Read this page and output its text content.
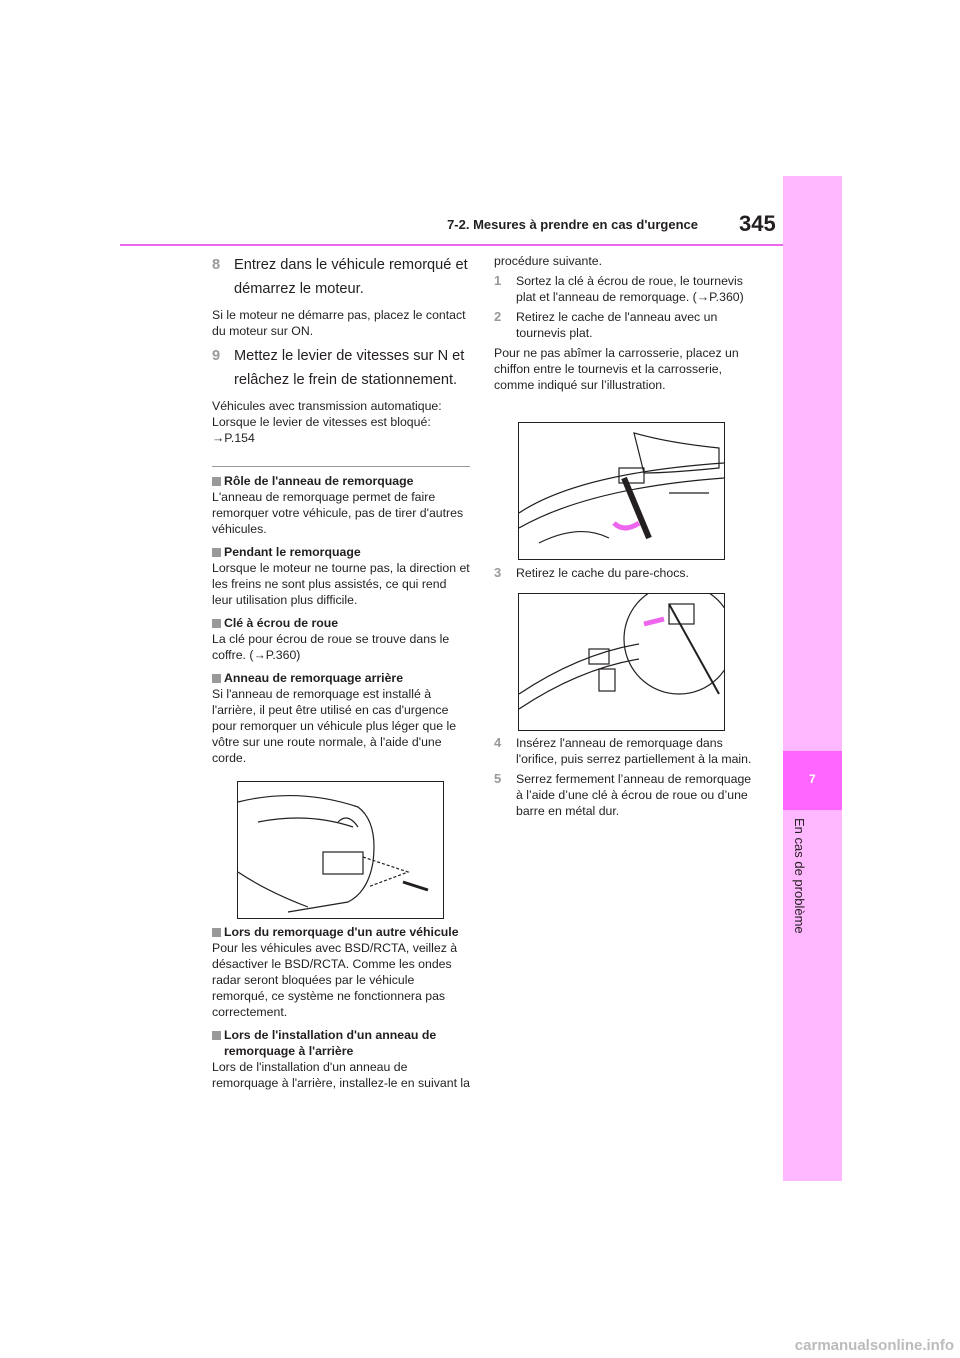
7-2. Mesures à prendre en cas d'urgence 345
7
En cas de problème
8 Entrez dans le véhicule remorqué et démarrez le moteur.

Si le moteur ne démarre pas, placez le contact du moteur sur ON.

9 Mettez le levier de vitesses sur N et relâchez le frein de stationnement.

Véhicules avec transmission automatique: Lorsque le levier de vitesses est bloqué: →P.154

Rôle de l'anneau de remorquage

L'anneau de remorquage permet de faire remorquer votre véhicule, pas de tirer d'autres véhicules.

Pendant le remorquage

Lorsque le moteur ne tourne pas, la direction et les freins ne sont plus assistés, ce qui rend leur utilisation plus difficile.

Clé à écrou de roue

La clé pour écrou de roue se trouve dans le coffre. (→P.360)

Anneau de remorquage arrière

Si l'anneau de remorquage est installé à l'arrière, il peut être utilisé en cas d'urgence pour remorquer un véhicule plus léger que le vôtre sur une route normale, à l'aide d'une corde.

Lors du remorquage d'un autre véhicule

Pour les véhicules avec BSD/RCTA, veillez à désactiver le BSD/RCTA. Comme les ondes radar seront bloquées par le véhicule remorqué, ce système ne fonctionnera pas correctement.

Lors de l'installation d'un anneau de remorquage à l'arrière

Lors de l'installation d'un anneau de remorquage à l'arrière, installez-le en suivant la

procédure suivante.

1 Sortez la clé à écrou de roue, le tournevis plat et l'anneau de remorquage. (→P.360)
2 Retirez le cache de l'anneau avec un tournevis plat.

Pour ne pas abîmer la carrosserie, placez un chiffon entre le tournevis et la carrosserie, comme indiqué sur l’illustration.

3 Retirez le cache du pare-chocs.
4 Insérez l'anneau de remorquage dans l'orifice, puis serrez partiellement à la main.
5 Serrez fermement l’anneau de remorquage à l’aide d’une clé à écrou de roue ou d’une barre en métal dur.
carmanualsonline.info
